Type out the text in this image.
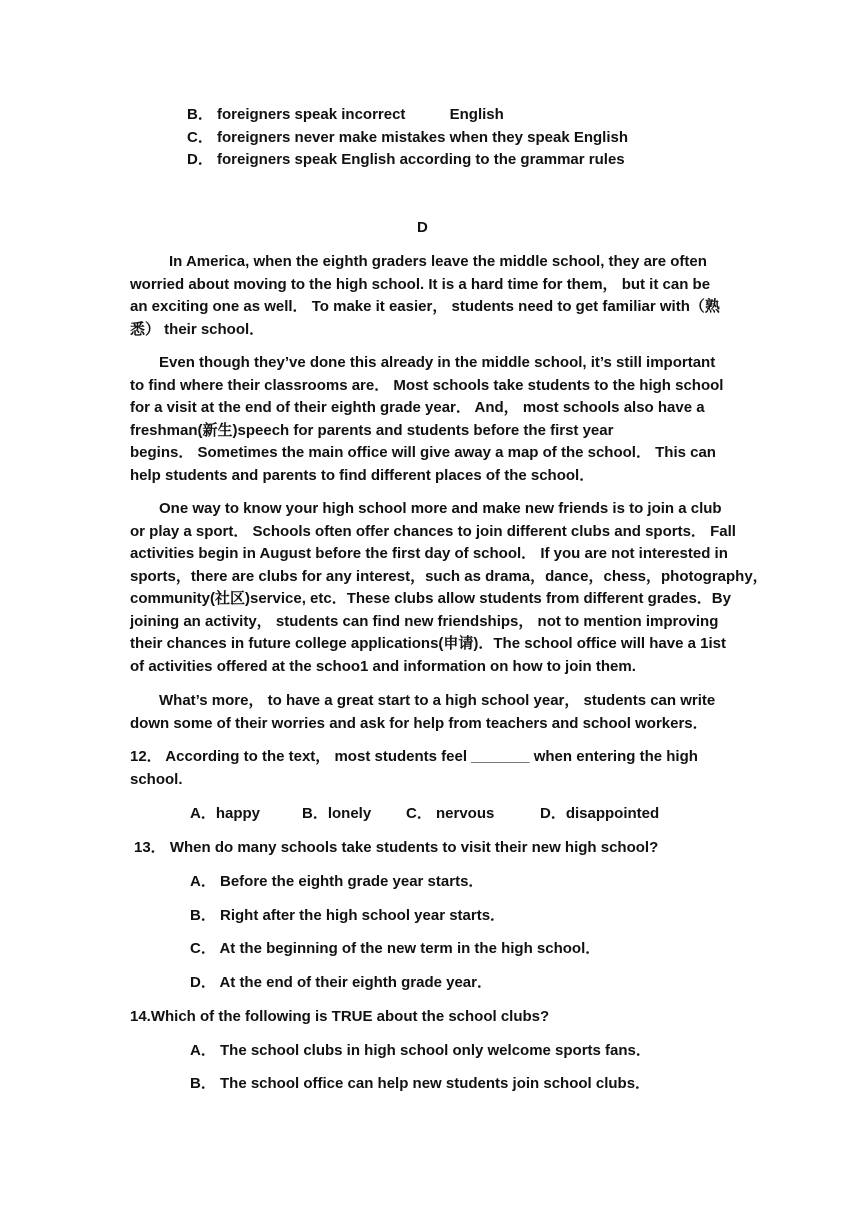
B． foreigners speak incorrect	English
C． foreigners never make mistakes when they speak English
D． foreigners speak English according to the grammar rules
D
In America, when the eighth graders leave the middle school, they are often
worried about moving to the high school. It is a hard time for them， but it can be
an exciting one as well． To make it easier， students need to get familiar with（熟
悉） their school．
Even though they’ve done this already in the middle school, it’s still important
to find where their classrooms are． Most schools take students to the high school
for a visit at the end of their eighth grade year． And， most schools also have a
freshman(新生)speech for parents and students before the first year
begins． Sometimes the main office will give away a map of the school． This can
help students and parents to find different places of the school．
One way to know your high school more and make new friends is to join a club
or play a sport． Schools often offer chances to join different clubs and sports． Fall
activities begin in August before the first day of school． If you are not interested in
sports，there are clubs for any interest，such as drama，dance，chess，photography，
community(社区)service, etc．These clubs allow students from different grades．By
joining an activity， students can find new friendships， not to mention improving
their chances in future college applications(申请)．The school office will have a 1ist
of activities offered at the schoo1 and information on how to join them.
What’s more， to have a great start to a high school year， students can write
down some of their worries and ask for help from teachers and school workers．
12． According to the text， most students feel _______ when entering the high
school.
A．happy	B．lonely C． nervous	D．disappointed
13． When do many schools take students to visit their new high school?
A． Before the eighth grade year starts．
B． Right after the high school year starts．
C． At the beginning of the new term in the high school．
D． At the end of their eighth grade year．
14.Which of the following is TRUE about the school clubs?
A． The school clubs in high school only welcome sports fans．
B． The school office can help new students join school clubs．
